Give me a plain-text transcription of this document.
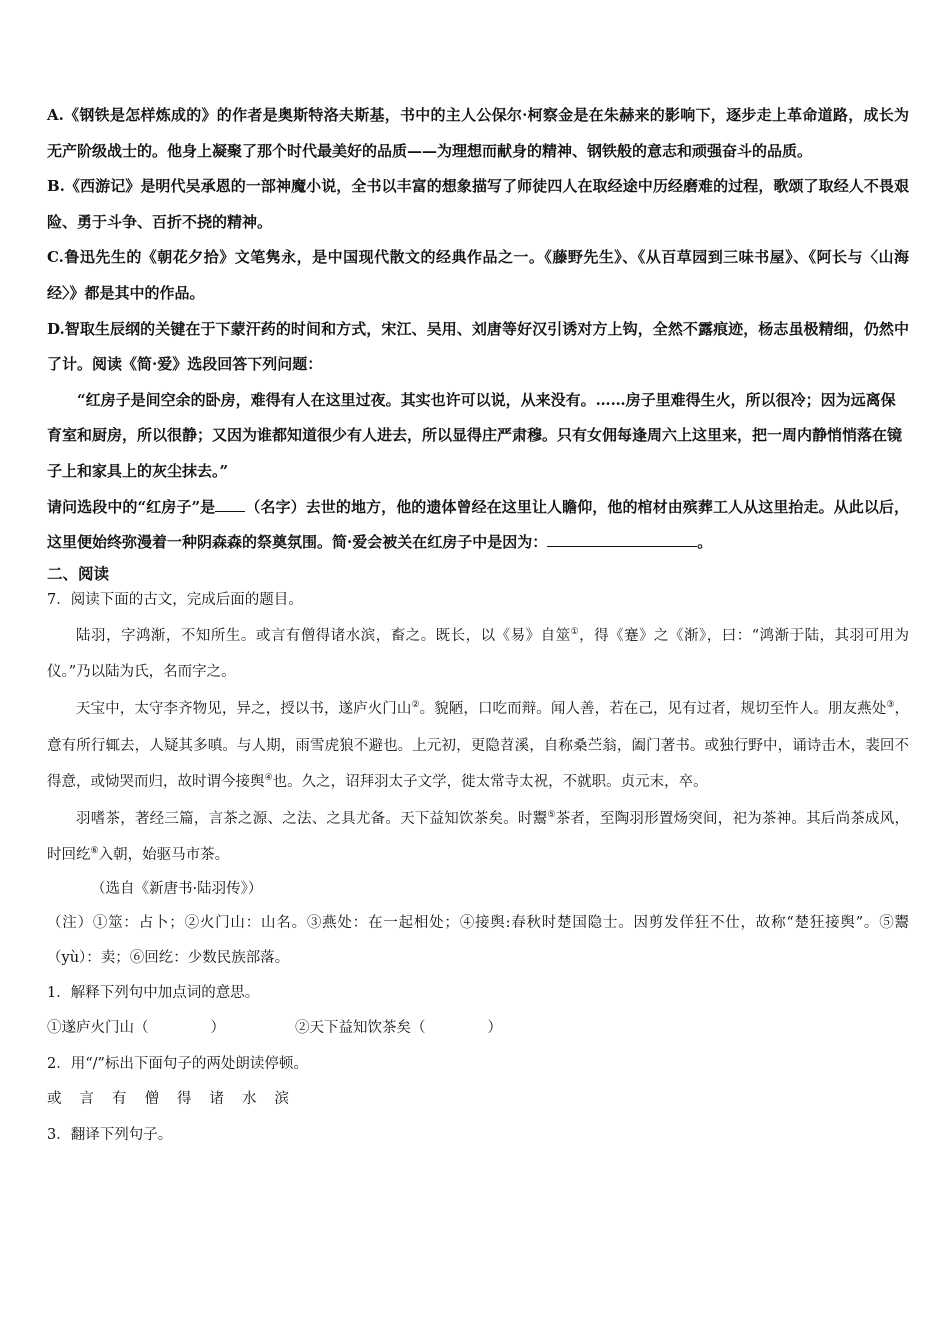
A.《钢铁是怎样炼成的》的作者是奥斯特洛夫斯基，书中的主人公保尔·柯察金是在朱赫来的影响下，逐步走上革命道路，成长为无产阶级战士的。他身上凝聚了那个时代最美好的品质——为理想而献身的精神、钢铁般的意志和顽强奋斗的品质。

B.《西游记》是明代吴承恩的一部神魔小说，全书以丰富的想象描写了师徒四人在取经途中历经磨难的过程，歌颂了取经人不畏艰险、勇于斗争、百折不挠的精神。

C.鲁迅先生的《朝花夕拾》文笔隽永，是中国现代散文的经典作品之一。《藤野先生》、《从百草园到三味书屋》、《阿长与〈山海经〉》都是其中的作品。

D.智取生辰纲的关键在于下蒙汗药的时间和方式，宋江、吴用、刘唐等好汉引诱对方上钩，全然不露痕迹，杨志虽极精细，仍然中了计。阅读《简·爱》选段回答下列问题：

“红房子是间空余的卧房，难得有人在这里过夜。其实也许可以说，从来没有。……房子里难得生火，所以很冷；因为远离保育室和厨房，所以很静；又因为谁都知道很少有人进去，所以显得庄严肃穆。只有女佣每逢周六上这里来，把一周内静悄悄落在镜子上和家具上的灰尘抹去。”

请问选段中的“红房子”是 （名字）去世的地方，他的遗体曾经在这里让人瞻仰，他的棺材由殡葬工人从这里抬走。从此以后，这里便始终弥漫着一种阴森森的祭奠氛围。简·爱会被关在红房子中是因为：	。

二、阅读

7．阅读下面的古文，完成后面的题目。

陆羽，字鸿渐，不知所生。或言有僧得诸水滨，畜之。既长，以《易》自筮①，得《蹇》之《渐》，曰：“鸿渐于陆，其羽可用为仪。”乃以陆为氏，名而字之。

天宝中，太守李齐物见，异之，授以书，遂庐火门山②。貌陋，口吃而辩。闻人善，若在己，见有过者，规切至忤人。朋友燕处③，意有所行辄去，人疑其多嗔。与人期，雨雪虎狼不避也。上元初，更隐苕溪，自称桑苎翁，阖门著书。或独行野中，诵诗击木，裴回不得意，或恸哭而归，故时谓今接舆④也。久之，诏拜羽太子文学，徙太常寺太祝，不就职。贞元末，卒。

羽嗜茶，著经三篇，言茶之源、之法、之具尤备。天下益知饮茶矣。时鬻⑤茶者，至陶羽形置炀突间，祀为茶神。其后尚茶成风，时回纥⑥入朝，始驱马市茶。

（选自《新唐书·陆羽传》）

（注）①筮：占卜；②火门山：山名。③燕处：在一起相处；④接舆:春秋时楚国隐士。因剪发佯狂不仕，故称“楚狂接舆”。⑤鬻（yù）：卖；⑥回纥：少数民族部落。

1．解释下列句中加点词的意思。

①遂庐火门山（	）	②天下益知饮茶矣（	）

2．用“/”标出下面句子的两处朗读停顿。

或 言 有 僧 得 诸 水 滨

3．翻译下列句子。
